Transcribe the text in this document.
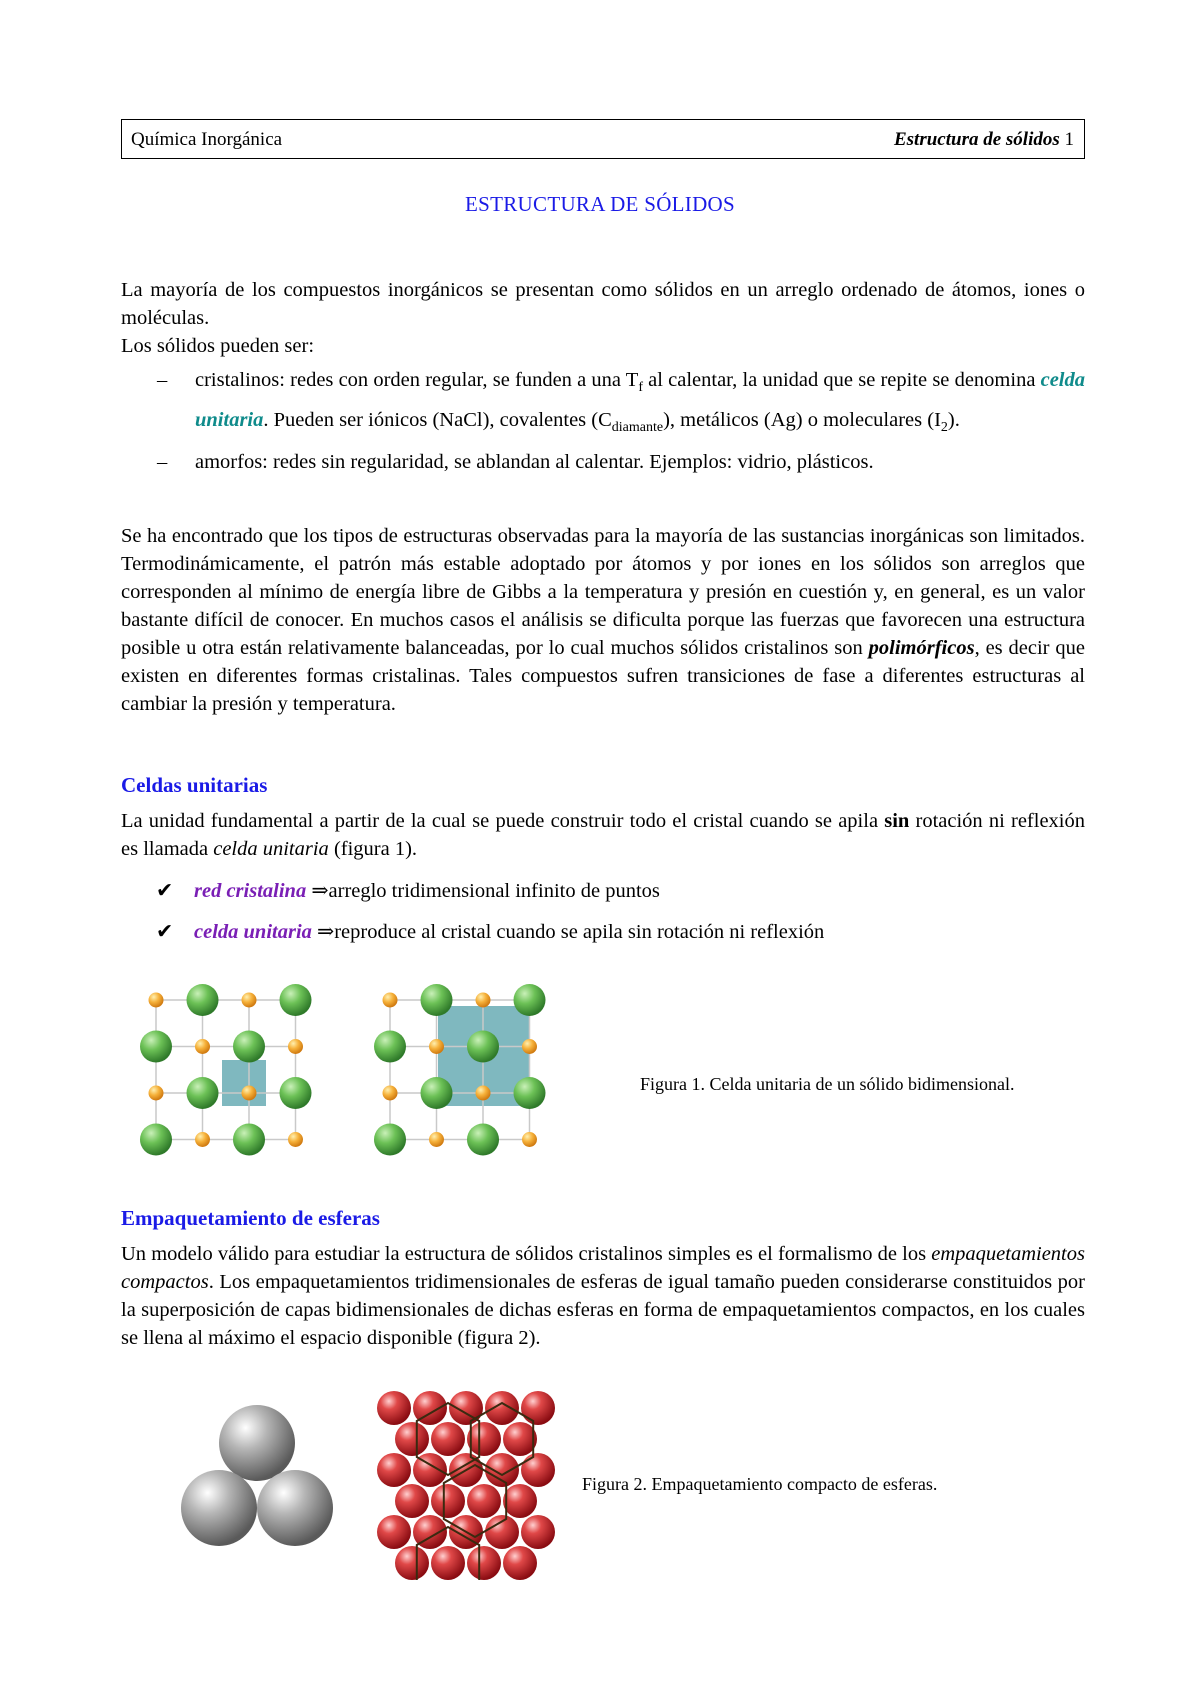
Química Inorgánica	Estructura de sólidos 1
ESTRUCTURA DE SÓLIDOS

La mayoría de los compuestos inorgánicos se presentan como sólidos en un arreglo ordenado de átomos, iones o moléculas.

Los sólidos pueden ser:

– cristalinos: redes con orden regular, se funden a una $T_f$ al calentar, la unidad que se repite se denomina celda unitaria. Pueden ser iónicos (NaCl), covalentes $(C_{diamante})$, metálicos (Ag) o moleculares $(I_2)$.
– amorfos: redes sin regularidad, se ablandan al calentar. Ejemplos: vidrio, plásticos.

Se ha encontrado que los tipos de estructuras observadas para la mayoría de las sustancias inorgánicas son limitados. Termodinámicamente, el patrón más estable adoptado por átomos y por iones en los sólidos son arreglos que corresponden al mínimo de energía libre de Gibbs a la temperatura y presión en cuestión y, en general, es un valor bastante difícil de conocer. En muchos casos el análisis se dificulta porque las fuerzas que favorecen una estructura posible u otra están relativamente balanceadas, por lo cual muchos sólidos cristalinos son polimórficos, es decir que existen en diferentes formas cristalinas. Tales compuestos sufren transiciones de fase a diferentes estructuras al cambiar la presión y temperatura.

Celdas unitarias

La unidad fundamental a partir de la cual se puede construir todo el cristal cuando se apila sin rotación ni reflexión es llamada celda unitaria (figura 1).

✔ red cristalina ⇒arreglo tridimensional infinito de puntos
✔ celda unitaria ⇒reproduce al cristal cuando se apila sin rotación ni reflexión
Figura 1. Celda unitaria de un sólido bidimensional.
Empaquetamiento de esferas

Un modelo válido para estudiar la estructura de sólidos cristalinos simples es el formalismo de los empaquetamientos compactos. Los empaquetamientos tridimensionales de esferas de igual tamaño pueden considerarse constituidos por la superposición de capas bidimensionales de dichas esferas en forma de empaquetamientos compactos, en los cuales se llena al máximo el espacio disponible (figura 2).

Figura 2. Empaquetamiento compacto de esferas.
